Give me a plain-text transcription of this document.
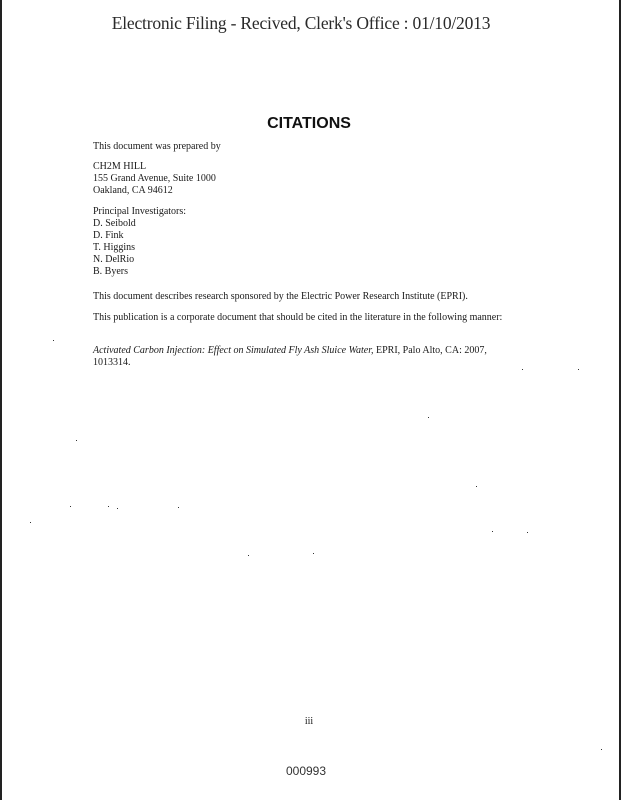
Electronic Filing - Recived, Clerk's Office : 01/10/2013
CITATIONS
This document was prepared by
CH2M HILL
155 Grand Avenue, Suite 1000
Oakland, CA 94612
Principal Investigators:
D. Seibold
D. Fink
T. Higgins
N. DelRio
B. Byers
This document describes research sponsored by the Electric Power Research Institute (EPRI).
This publication is a corporate document that should be cited in the literature in the following manner:
Activated Carbon Injection: Effect on Simulated Fly Ash Sluice Water, EPRI, Palo Alto, CA: 2007, 1013314.
iii
000993
